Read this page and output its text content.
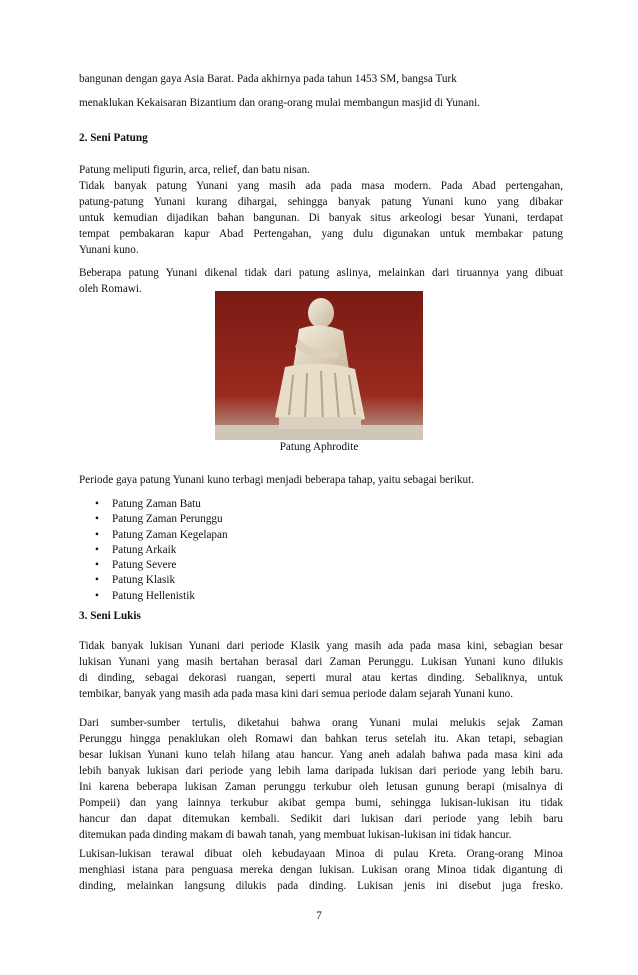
bangunan dengan gaya Asia Barat. Pada akhirnya pada tahun 1453 SM, bangsa Turk
menaklukan Kekaisaran Bizantium dan orang-orang mulai membangun masjid di Yunani.
2. Seni Patung
Patung meliputi figurin, arca, relief, dan batu nisan.
Tidak banyak patung Yunani yang masih ada pada masa modern. Pada Abad pertengahan,
patung-patung Yunani kurang dihargai, sehingga banyak patung Yunani kuno yang dibakar
untuk kemudian dijadikan bahan bangunan. Di banyak situs arkeologi besar Yunani, terdapat
tempat pembakaran kapur Abad Pertengahan, yang dulu digunakan untuk membakar patung
Yunani kuno.
Beberapa patung Yunani dikenal tidak dari patung aslinya, melainkan dari tiruannya yang dibuat
oleh Romawi.
Patung Aphrodite
Periode gaya patung Yunani kuno terbagi menjadi beberapa tahap, yaitu sebagai berikut.
• Patung Zaman Batu
• Patung Zaman Perunggu
• Patung Zaman Kegelapan
• Patung Arkaik
• Patung Severe
• Patung Klasik
• Patung Hellenistik
3. Seni Lukis
Tidak banyak lukisan Yunani dari periode Klasik yang masih ada pada masa kini, sebagian besar
lukisan Yunani yang masih bertahan berasal dari Zaman Perunggu. Lukisan Yunani kuno dilukis
di dinding, sebagai dekorasi ruangan, seperti mural atau kertas dinding. Sebaliknya, untuk
tembikar, banyak yang masih ada pada masa kini dari semua periode dalam sejarah Yunani kuno.
Dari sumber-sumber tertulis, diketahui bahwa orang Yunani mulai melukis sejak Zaman
Perunggu hingga penaklukan oleh Romawi dan bahkan terus setelah itu. Akan tetapi, sebagian
besar lukisan Yunani kuno telah hilang atau hancur. Yang aneh adalah bahwa pada masa kini ada
lebih banyak lukisan dari periode yang lebih lama daripada lukisan dari periode yang lebih baru.
Ini karena beberapa lukisan Zaman perunggu terkubur oleh letusan gunung berapi (misalnya di
Pompeii) dan yang lainnya terkubur akibat gempa bumi, sehingga lukisan-lukisan itu tidak
hancur dan dapat ditemukan kembali. Sedikit dari lukisan dari periode yang lebih baru
ditemukan pada dinding makam di bawah tanah, yang membuat lukisan-lukisan ini tidak hancur.
Lukisan-lukisan terawal dibuat oleh kebudayaan Minoa di pulau Kreta. Orang-orang Minoa
menghiasi istana para penguasa mereka dengan lukisan. Lukisan orang Minoa tidak digantung di
dinding, melainkan langsung dilukis pada dinding. Lukisan jenis ini disebut juga fresko.
7
